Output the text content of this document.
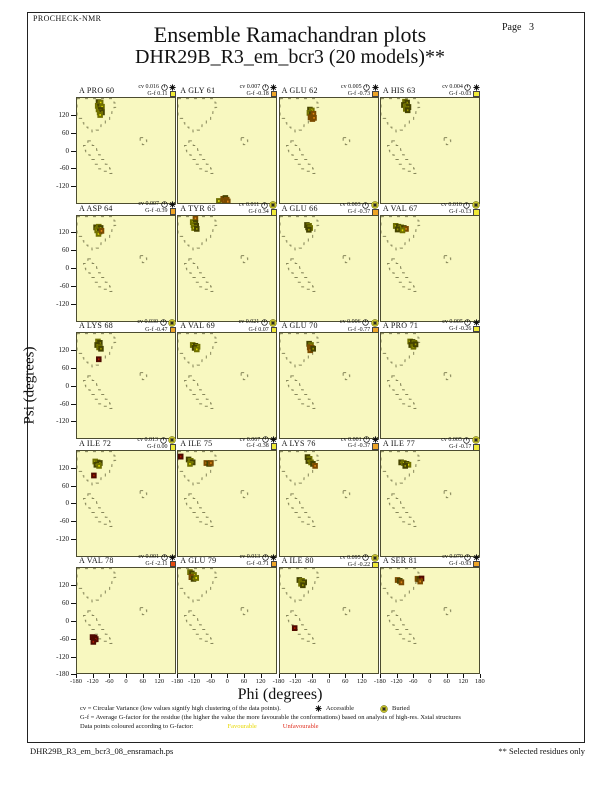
PROCHECK-NMR
Page 3
Ensemble Ramachandran plots
DHR29B_R3_em_bcr3 (20 models)**
Psi (degrees)
Phi (degrees)
A PRO 60	cv 0.016
G-f 0.11 A GLY 61	cv 0.007
G-f -0.18 A GLU 62	cv 0.005
G-f -0.73 A HIS 63	cv 0.004
G-f -0.03
A ASP 64	cv 0.007
G-f -0.39 A TYR 65	cv 0.011
G-f 0.34 A GLU 66	cv 0.003
G-f -0.37 A VAL 67	cv 0.010
G-f -0.13
A LYS 68	cv 0.030
G-f -0.47 A VAL 69	cv 0.021
G-f 0.07 A GLU 70	cv 0.006
G-f -0.77 A PRO 71	cv 0.005
G-f -0.26
A ILE 72	cv 0.013
G-f 0.00 A ILE 75	cv 0.067
G-f -0.38 A LYS 76	cv 0.001
G-f -0.37 A ILE 77	cv 0.005
G-f -0.17
A VAL 78	cv 0.001
G-f -2.11 A GLU 79	cv 0.013
G-f -0.71 A ILE 80	cv 0.095
G-f -0.22 A SER 81	cv 0.070
G-f -0.93
120
60
0
-60
-120
120
60
0
-60
-120
120
60
0
-60
-120
120
60
0
-60
-120
120
60
0
-60
-120
-180
-180 -120 -60	0	60	120	-180 -120 -60	0	60	120	-180 -120 -60	0	60	120	-180 -120 -60	0	60	120	180
cv = Circular Variance (low values signify high clustering of the data points).	Accessible	Buried
G-f = Average G-factor for the residue (the higher the value the more favourable the conformations) based on analysis of high-res. Xstal structures
Data points coloured according to G-factor:	Favourable	Unfavourable
DHR29B_R3_em_bcr3_08_ensramach.ps	** Selected residues only
